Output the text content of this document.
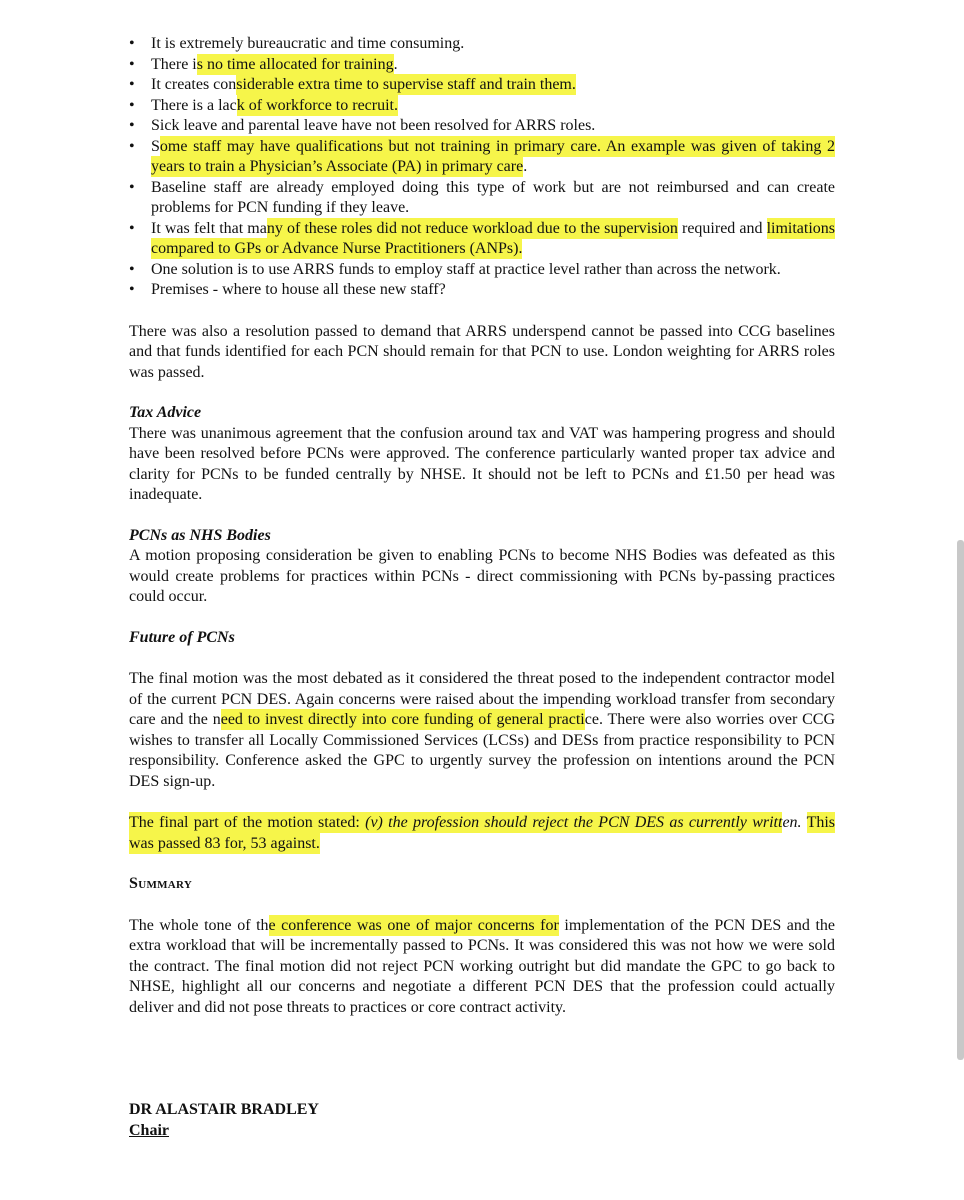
• It is extremely bureaucratic and time consuming.
• There is no time allocated for training.
• It creates considerable extra time to supervise staff and train them.
• There is a lack of workforce to recruit.
• Sick leave and parental leave have not been resolved for ARRS roles.
• Some staff may have qualifications but not training in primary care. An example was given of taking 2 years to train a Physician’s Associate (PA) in primary care.
• Baseline staff are already employed doing this type of work but are not reimbursed and can create problems for PCN funding if they leave.
• It was felt that many of these roles did not reduce workload due to the supervision required and limitations compared to GPs or Advance Nurse Practitioners (ANPs).
• One solution is to use ARRS funds to employ staff at practice level rather than across the network.
• Premises - where to house all these new staff?

There was also a resolution passed to demand that ARRS underspend cannot be passed into CCG baselines and that funds identified for each PCN should remain for that PCN to use. London weighting for ARRS roles was passed.

Tax Advice

There was unanimous agreement that the confusion around tax and VAT was hampering progress and should have been resolved before PCNs were approved. The conference particularly wanted proper tax advice and clarity for PCNs to be funded centrally by NHSE. It should not be left to PCNs and £1.50 per head was inadequate.

PCNs as NHS Bodies

A motion proposing consideration be given to enabling PCNs to become NHS Bodies was defeated as this would create problems for practices within PCNs - direct commissioning with PCNs by-passing practices could occur.

Future of PCNs

The final motion was the most debated as it considered the threat posed to the independent contractor model of the current PCN DES. Again concerns were raised about the impending workload transfer from secondary care and the need to invest directly into core funding of general practice. There were also worries over CCG wishes to transfer all Locally Commissioned Services (LCSs) and DESs from practice responsibility to PCN responsibility. Conference asked the GPC to urgently survey the profession on intentions around the PCN DES sign-up.

The final part of the motion stated: (v) the profession should reject the PCN DES as currently written. This was passed 83 for, 53 against.

Summary

The whole tone of the conference was one of major concerns for implementation of the PCN DES and the extra workload that will be incrementally passed to PCNs. It was considered this was not how we were sold the contract. The final motion did not reject PCN working outright but did mandate the GPC to go back to NHSE, highlight all our concerns and negotiate a different PCN DES that the profession could actually deliver and did not pose threats to practices or core contract activity.

DR ALASTAIR BRADLEY

Chair
